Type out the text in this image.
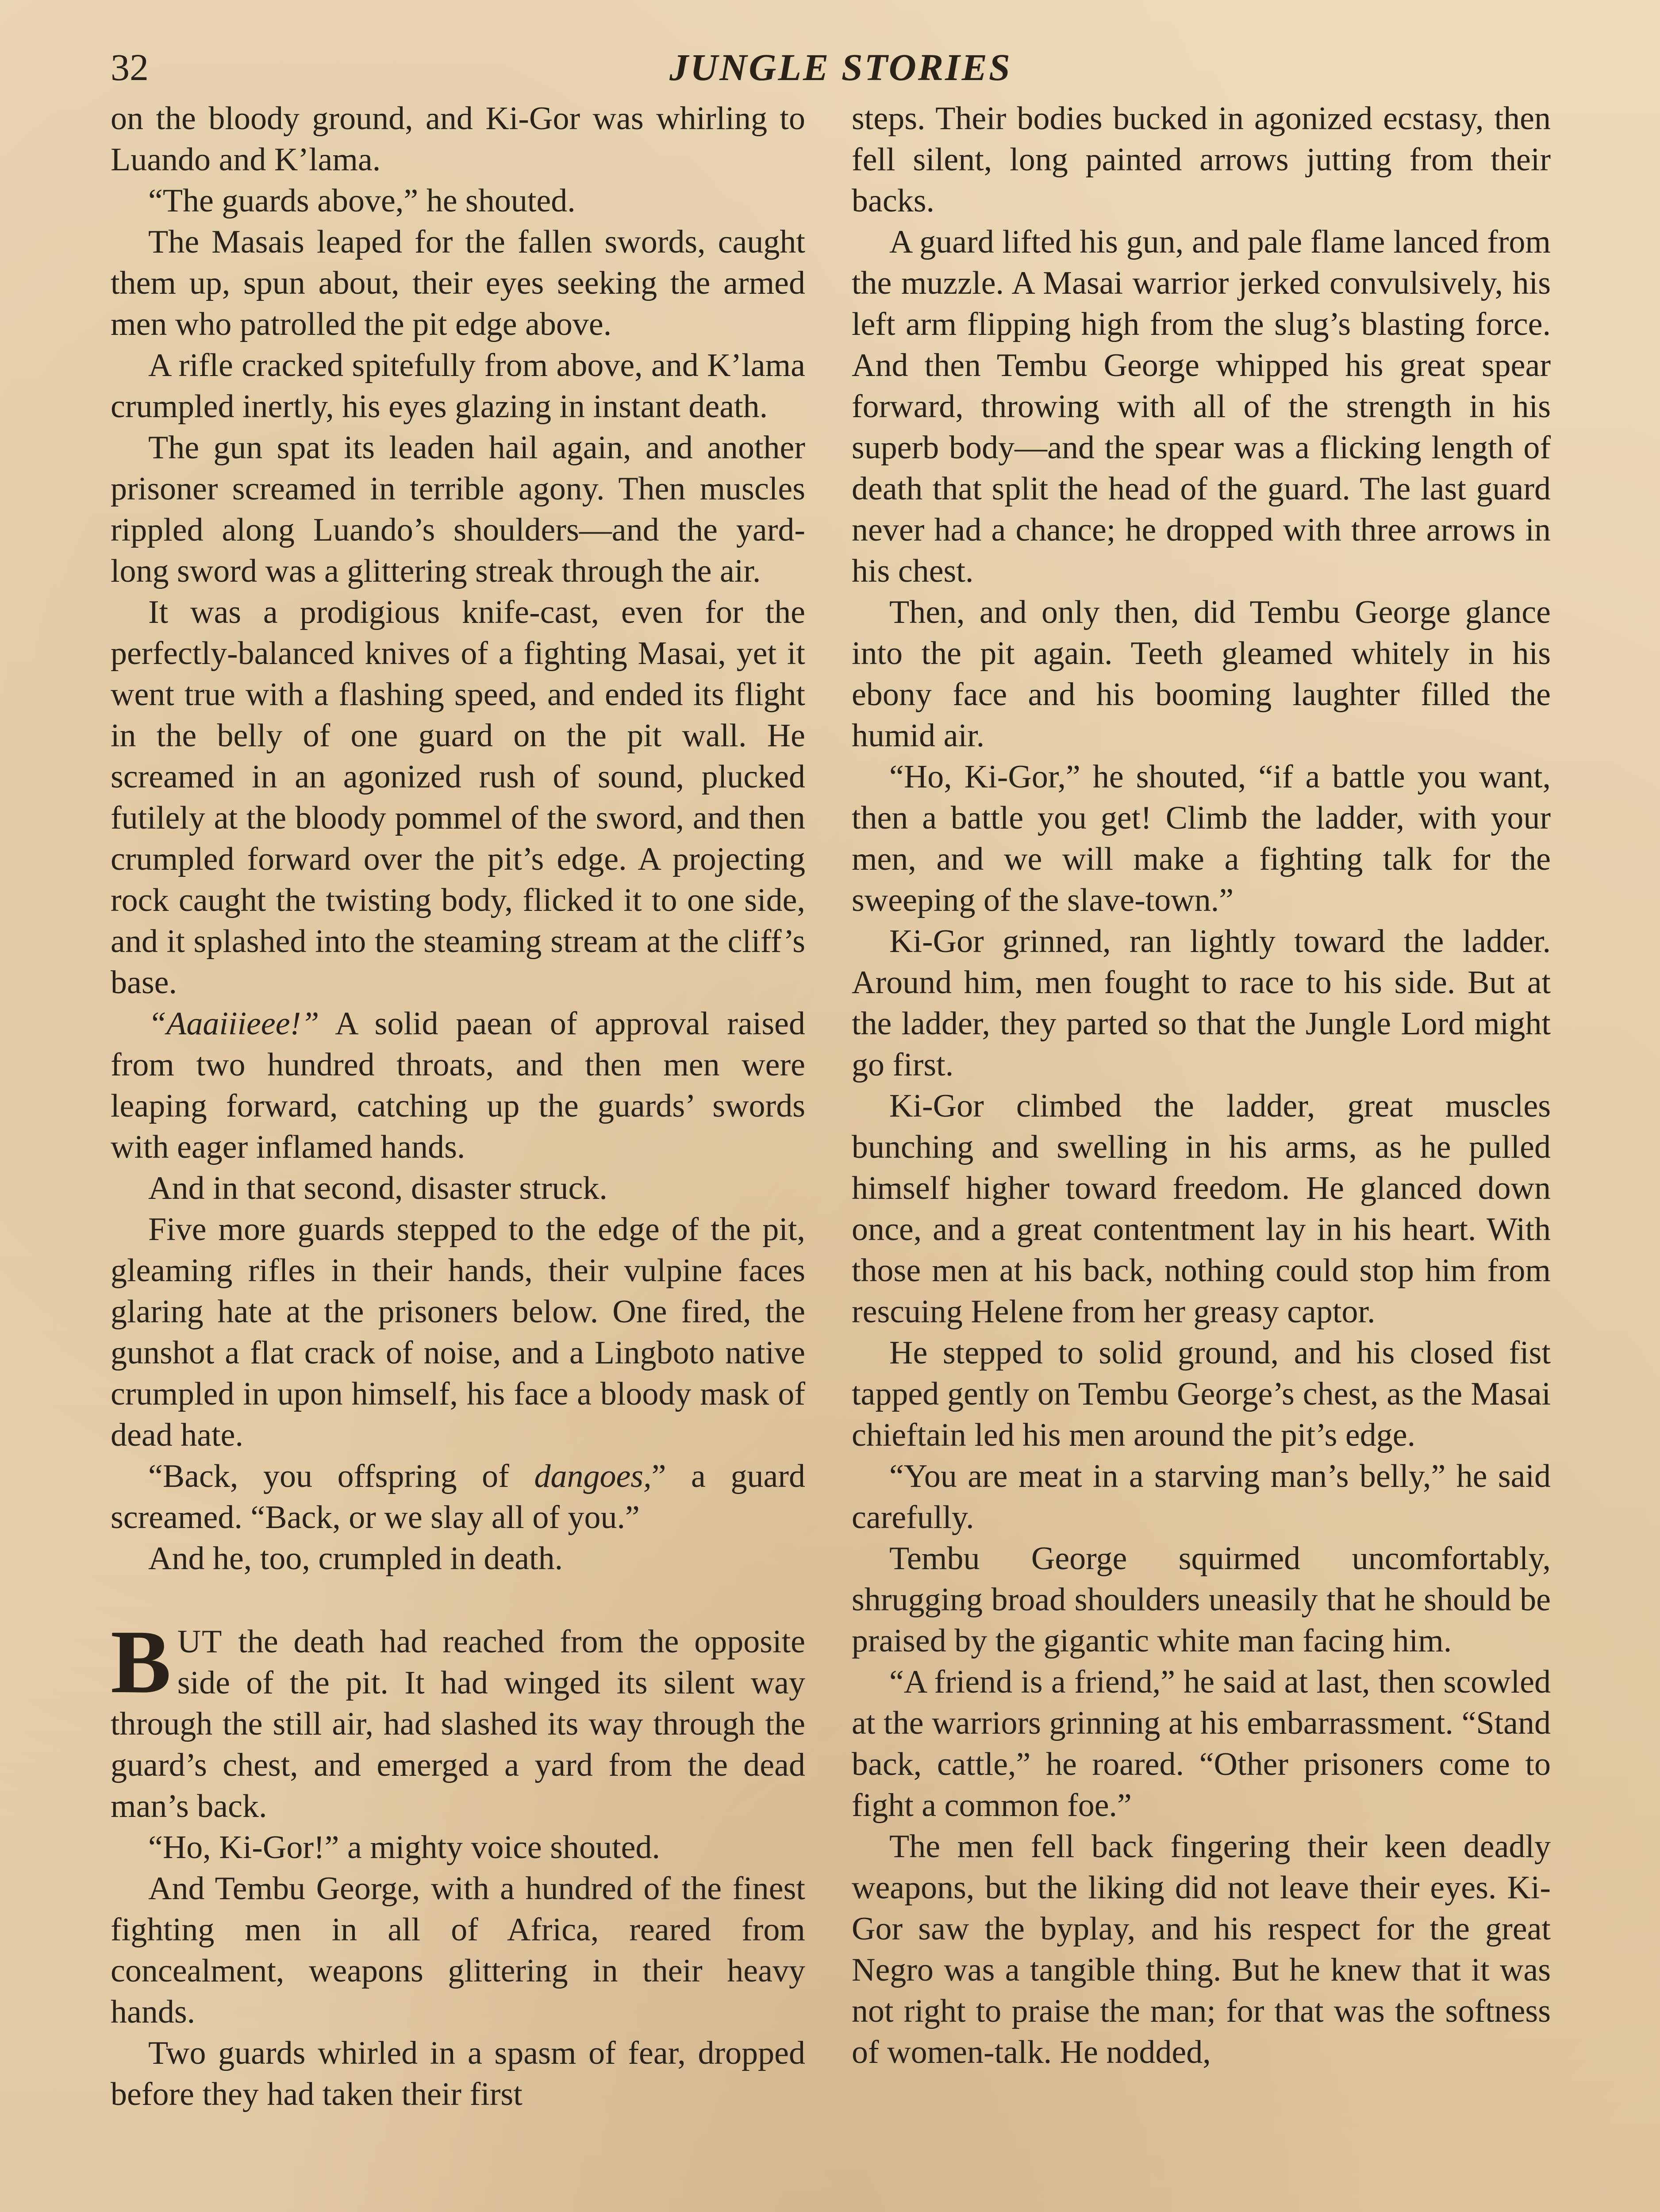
32	JUNGLE STORIES

on the bloody ground, and Ki-Gor was whirling to Luando and K’lama.

“The guards above,” he shouted.

The Masais leaped for the fallen swords, caught them up, spun about, their eyes seeking the armed men who patrolled the pit edge above.

A rifle cracked spitefully from above, and K’lama crumpled inertly, his eyes glazing in instant death.

The gun spat its leaden hail again, and another prisoner screamed in terrible agony. Then muscles rippled along Luando’s shoulders—and the yard-long sword was a glittering streak through the air.

It was a prodigious knife-cast, even for the perfectly-balanced knives of a fighting Masai, yet it went true with a flashing speed, and ended its flight in the belly of one guard on the pit wall. He screamed in an agonized rush of sound, plucked futilely at the bloody pommel of the sword, and then crumpled forward over the pit’s edge. A projecting rock caught the twisting body, flicked it to one side, and it splashed into the steaming stream at the cliff’s base.

“Aaaiiieee!” A solid paean of approval raised from two hundred throats, and then men were leaping forward, catching up the guards’ swords with eager inflamed hands.

And in that second, disaster struck.

Five more guards stepped to the edge of the pit, gleaming rifles in their hands, their vulpine faces glaring hate at the prisoners below. One fired, the gunshot a flat crack of noise, and a Lingboto native crumpled in upon himself, his face a bloody mask of dead hate.

“Back, you offspring of dangoes,” a guard screamed. “Back, or we slay all of you.”

And he, too, crumpled in death.

BUT the death had reached from the opposite side of the pit. It had winged its silent way through the still air, had slashed its way through the guard’s chest, and emerged a yard from the dead man’s back.

“Ho, Ki-Gor!” a mighty voice shouted.

And Tembu George, with a hundred of the finest fighting men in all of Africa, reared from concealment, weapons glittering in their heavy hands.

Two guards whirled in a spasm of fear, dropped before they had taken their first

steps. Their bodies bucked in agonized ecstasy, then fell silent, long painted arrows jutting from their backs.

A guard lifted his gun, and pale flame lanced from the muzzle. A Masai warrior jerked convulsively, his left arm flipping high from the slug’s blasting force. And then Tembu George whipped his great spear forward, throwing with all of the strength in his superb body—and the spear was a flicking length of death that split the head of the guard. The last guard never had a chance; he dropped with three arrows in his chest.

Then, and only then, did Tembu George glance into the pit again. Teeth gleamed whitely in his ebony face and his booming laughter filled the humid air.

“Ho, Ki-Gor,” he shouted, “if a battle you want, then a battle you get! Climb the ladder, with your men, and we will make a fighting talk for the sweeping of the slave-town.”

Ki-Gor grinned, ran lightly toward the ladder. Around him, men fought to race to his side. But at the ladder, they parted so that the Jungle Lord might go first.

Ki-Gor climbed the ladder, great muscles bunching and swelling in his arms, as he pulled himself higher toward freedom. He glanced down once, and a great contentment lay in his heart. With those men at his back, nothing could stop him from rescuing Helene from her greasy captor.

He stepped to solid ground, and his closed fist tapped gently on Tembu George’s chest, as the Masai chieftain led his men around the pit’s edge.

“You are meat in a starving man’s belly,” he said carefully.

Tembu George squirmed uncomfortably, shrugging broad shoulders uneasily that he should be praised by the gigantic white man facing him.

“A friend is a friend,” he said at last, then scowled at the warriors grinning at his embarrassment. “Stand back, cattle,” he roared. “Other prisoners come to fight a common foe.”

The men fell back fingering their keen deadly weapons, but the liking did not leave their eyes. Ki-Gor saw the byplay, and his respect for the great Negro was a tangible thing. But he knew that it was not right to praise the man; for that was the softness of women-talk. He nodded,
